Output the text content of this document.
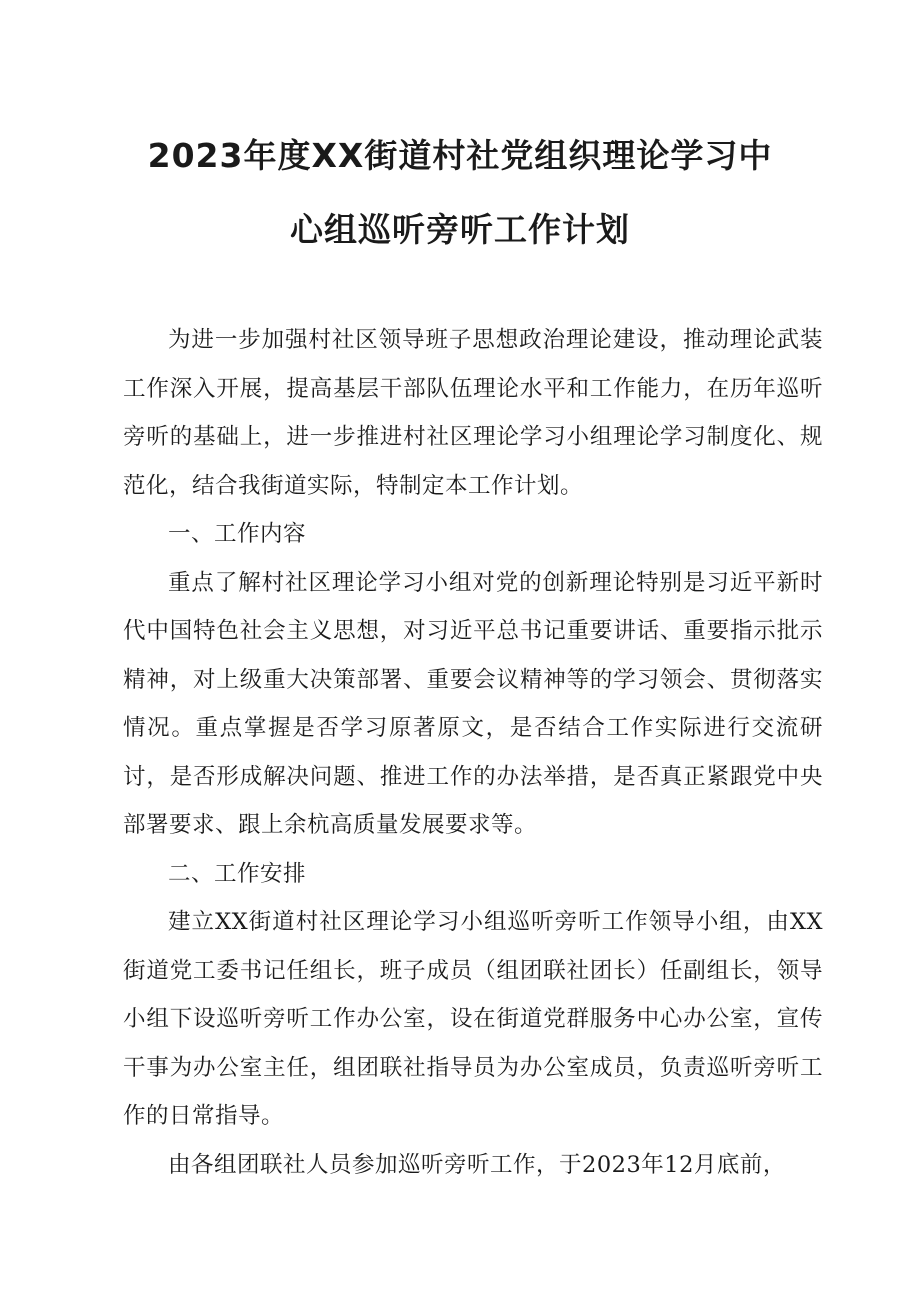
2023年度XX街道村社党组织理论学习中
心组巡听旁听工作计划

为进一步加强村社区领导班子思想政治理论建设，推动理论武装工作深入开展，提高基层干部队伍理论水平和工作能力，在历年巡听旁听的基础上，进一步推进村社区理论学习小组理论学习制度化、规范化，结合我街道实际，特制定本工作计划。

一、工作内容

重点了解村社区理论学习小组对党的创新理论特别是习近平新时代中国特色社会主义思想，对习近平总书记重要讲话、重要指示批示精神，对上级重大决策部署、重要会议精神等的学习领会、贯彻落实情况。重点掌握是否学习原著原文，是否结合工作实际进行交流研讨，是否形成解决问题、推进工作的办法举措，是否真正紧跟党中央部署要求、跟上余杭高质量发展要求等。

二、工作安排

建立XX街道村社区理论学习小组巡听旁听工作领导小组，由XX街道党工委书记任组长，班子成员（组团联社团长）任副组长，领导小组下设巡听旁听工作办公室，设在街道党群服务中心办公室，宣传干事为办公室主任，组团联社指导员为办公室成员，负责巡听旁听工作的日常指导。

由各组团联社人员参加巡听旁听工作，于2023年12月底前，
